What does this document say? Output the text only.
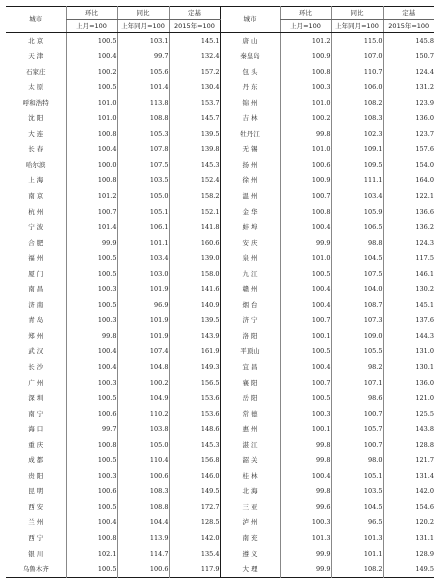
城市	环比	同比	定基	城市	环比	同比	定基
	上月=100	上年同月=100	2015年=100		上月=100	上年同月=100	2015年=100
北 京	100.5	103.1	145.1	唐 山	101.2	115.0	145.8
天 津	100.4	99.7	132.4	秦皇岛	100.9	107.0	150.7
石家庄	100.2	105.6	157.2	包 头	100.8	110.7	124.4
太 原	100.5	101.4	130.4	丹 东	100.3	106.0	131.2
呼和浩特	101.0	113.8	153.7	锦 州	101.0	108.2	123.9
沈 阳	101.0	108.8	145.7	吉 林	100.2	108.3	136.0
大 连	100.8	105.3	139.5	牡丹江	99.8	102.3	123.7
长 春	100.4	107.8	139.8	无 锡	101.0	109.1	157.6
哈尔滨	100.0	107.5	145.3	扬 州	100.6	109.5	154.0
上 海	100.8	103.5	152.4	徐 州	100.9	111.1	164.0
南 京	101.2	105.0	158.2	温 州	100.7	103.4	122.1
杭 州	100.7	105.1	152.1	金 华	100.8	105.9	136.6
宁 波	101.4	106.1	141.8	蚌 埠	100.4	106.5	136.2
合 肥	99.9	101.1	160.6	安 庆	99.9	98.8	124.3
福 州	100.5	103.4	139.0	泉 州	101.0	104.5	117.5
厦 门	100.5	103.0	158.0	九 江	100.5	107.5	146.1
南 昌	100.3	101.9	141.6	赣 州	100.4	104.0	130.2
济 南	100.5	96.9	140.9	烟 台	100.4	108.7	145.1
青 岛	100.3	101.9	139.5	济 宁	100.7	107.3	137.6
郑 州	99.8	101.9	143.9	洛 阳	100.1	109.0	144.3
武 汉	100.4	107.4	161.9	平顶山	100.5	105.5	131.0
长 沙	100.4	104.8	149.3	宜 昌	100.4	98.2	130.1
广 州	100.3	100.2	156.5	襄 阳	100.7	107.1	136.0
深 圳	100.5	104.9	153.6	岳 阳	100.5	98.6	121.0
南 宁	100.6	110.2	153.6	常 德	100.3	100.7	125.5
海 口	99.7	103.8	148.6	惠 州	100.1	105.7	143.8
重 庆	100.8	105.0	145.3	湛 江	99.8	100.7	128.8
成 都	100.5	110.4	156.8	韶 关	99.8	98.0	121.7
贵 阳	100.3	100.6	146.0	桂 林	100.4	105.1	131.4
昆 明	100.6	108.3	149.5	北 海	99.8	103.5	142.0
西 安	100.5	108.8	172.7	三 亚	99.6	104.5	154.6
兰 州	100.4	104.4	128.5	泸 州	100.3	96.5	120.2
西 宁	100.8	113.9	142.0	南 充	101.3	101.3	131.1
银 川	102.1	114.7	135.4	遵 义	99.9	101.1	128.9
乌鲁木齐	100.5	100.6	117.9	大 理	99.9	108.2	149.5
